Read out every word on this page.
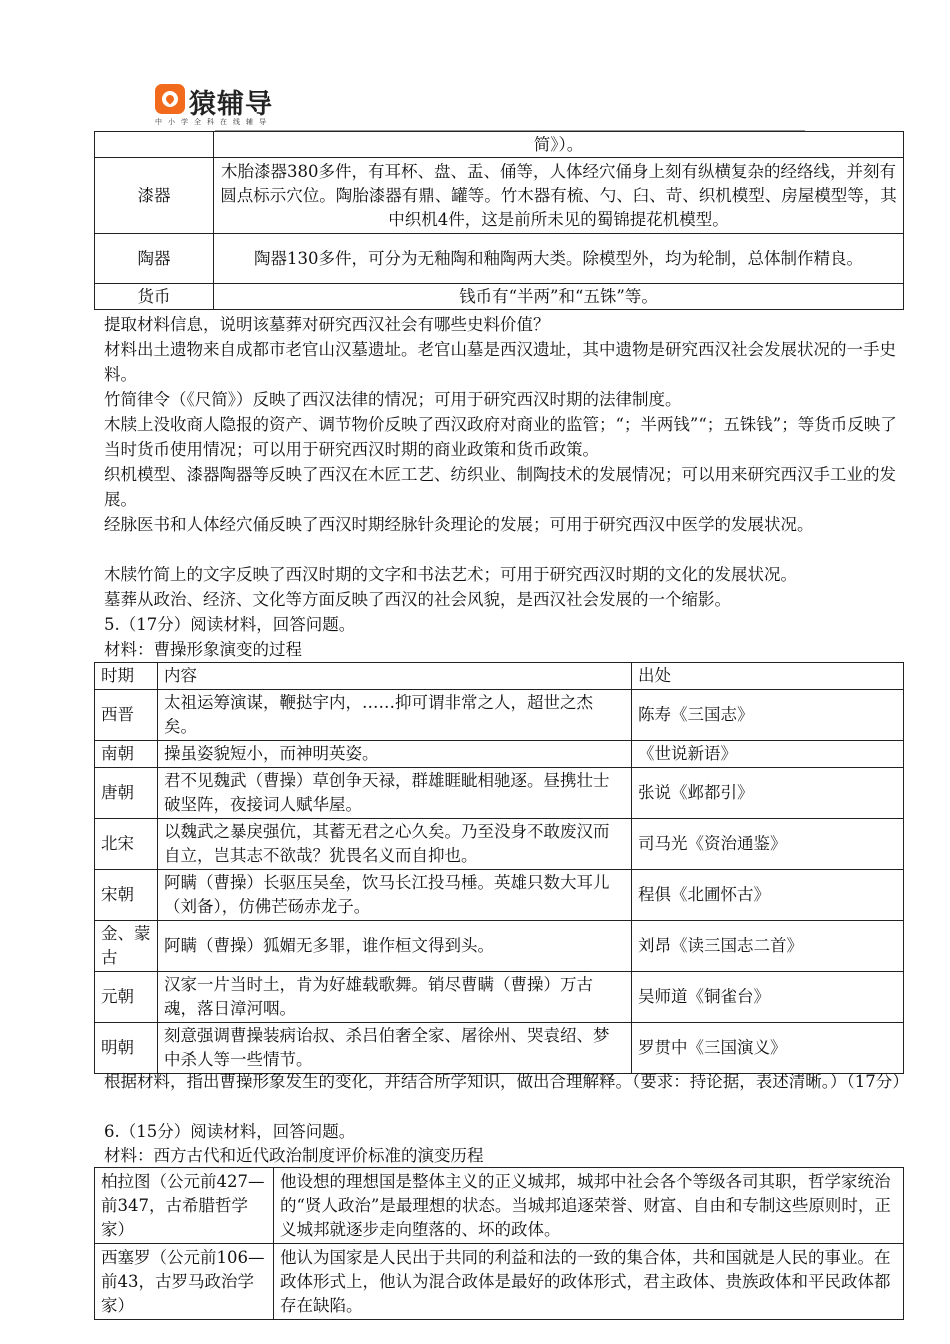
猿辅导
中小学全科在线辅导
	简》）。
漆器	木胎漆器380多件，有耳杯、盘、盂、俑等，人体经穴俑身上刻有纵横复杂的经络线，并刻有圆点标示穴位。陶胎漆器有鼎、罐等。竹木器有梳、勺、臼、苛、织机模型、房屋模型等，其中织机4件，这是前所未见的蜀锦提花机模型。
陶器	陶器130多件，可分为无釉陶和釉陶两大类。除模型外，均为轮制，总体制作精良。
货币	钱币有“半两”和“五铢”等。
提取材料信息，说明该墓葬对研究西汉社会有哪些史料价值？
材料出土遗物来自成都市老官山汉墓遗址。老官山墓是西汉遗址，其中遗物是研究西汉社会发展状况的一手史料。
竹简律令（《尺简》）反映了西汉法律的情况；可用于研究西汉时期的法律制度。
木牍上没收商人隐报的资产、调节物价反映了西汉政府对商业的监管；“；半两钱”“；五铢钱”；等货币反映了当时货币使用情况；可以用于研究西汉时期的商业政策和货币政策。
织机模型、漆器陶器等反映了西汉在木匠工艺、纺织业、制陶技术的发展情况；可以用来研究西汉手工业的发展。
经脉医书和人体经穴俑反映了西汉时期经脉针灸理论的发展；可用于研究西汉中医学的发展状况。
木牍竹简上的文字反映了西汉时期的文字和书法艺术；可用于研究西汉时期的文化的发展状况。
墓葬从政治、经济、文化等方面反映了西汉的社会风貌，是西汉社会发展的一个缩影。
5.（17分）阅读材料，回答问题。
材料：曹操形象演变的过程
时期	内容	出处
西晋	太祖运筹演谋，鞭挞宇内，……抑可谓非常之人，超世之杰矣。	陈寿《三国志》
南朝	操虽姿貌短小，而神明英姿。	《世说新语》
唐朝	君不见魏武（曹操）草创争天禄，群雄睚眦相驰逐。昼携壮士破坚阵，夜接词人赋华屋。	张说《邺都引》
北宋	以魏武之暴戾强伉，其蓄无君之心久矣。乃至没身不敢废汉而自立，岂其志不欲哉？犹畏名义而自抑也。	司马光《资治通鉴》
宋朝	阿瞒（曹操）长驱压吴垒，饮马长江投马棰。英雄只数大耳儿（刘备），仿佛芒砀赤龙子。	程俱《北圃怀古》
金、蒙古	阿瞒（曹操）狐媚无多罪，谁作桓文得到头。	刘昂《读三国志二首》
元朝	汉家一片当时土，肯为好雄载歌舞。销尽曹瞒（曹操）万古魂，落日漳河咽。	吴师道《铜雀台》
明朝	刻意强调曹操装病诒叔、杀吕伯奢全家、屠徐州、哭袁绍、梦中杀人等一些情节。	罗贯中《三国演义》
根据材料，指出曹操形象发生的变化，并结合所学知识，做出合理解释。（要求：持论据，表述清晰。）（17分）
6.（15分）阅读材料，回答问题。
材料：西方古代和近代政治制度评价标准的演变历程
柏拉图（公元前427—前347，古希腊哲学家）	他设想的理想国是整体主义的正义城邦，城邦中社会各个等级各司其职，哲学家统治的“贤人政治”是最理想的状态。当城邦追逐荣誉、财富、自由和专制这些原则时，正义城邦就逐步走向堕落的、坏的政体。
西塞罗（公元前106—前43，古罗马政治学家）	他认为国家是人民出于共同的利益和法的一致的集合体，共和国就是人民的事业。在政体形式上，他认为混合政体是最好的政体形式，君主政体、贵族政体和平民政体都存在缺陷。
